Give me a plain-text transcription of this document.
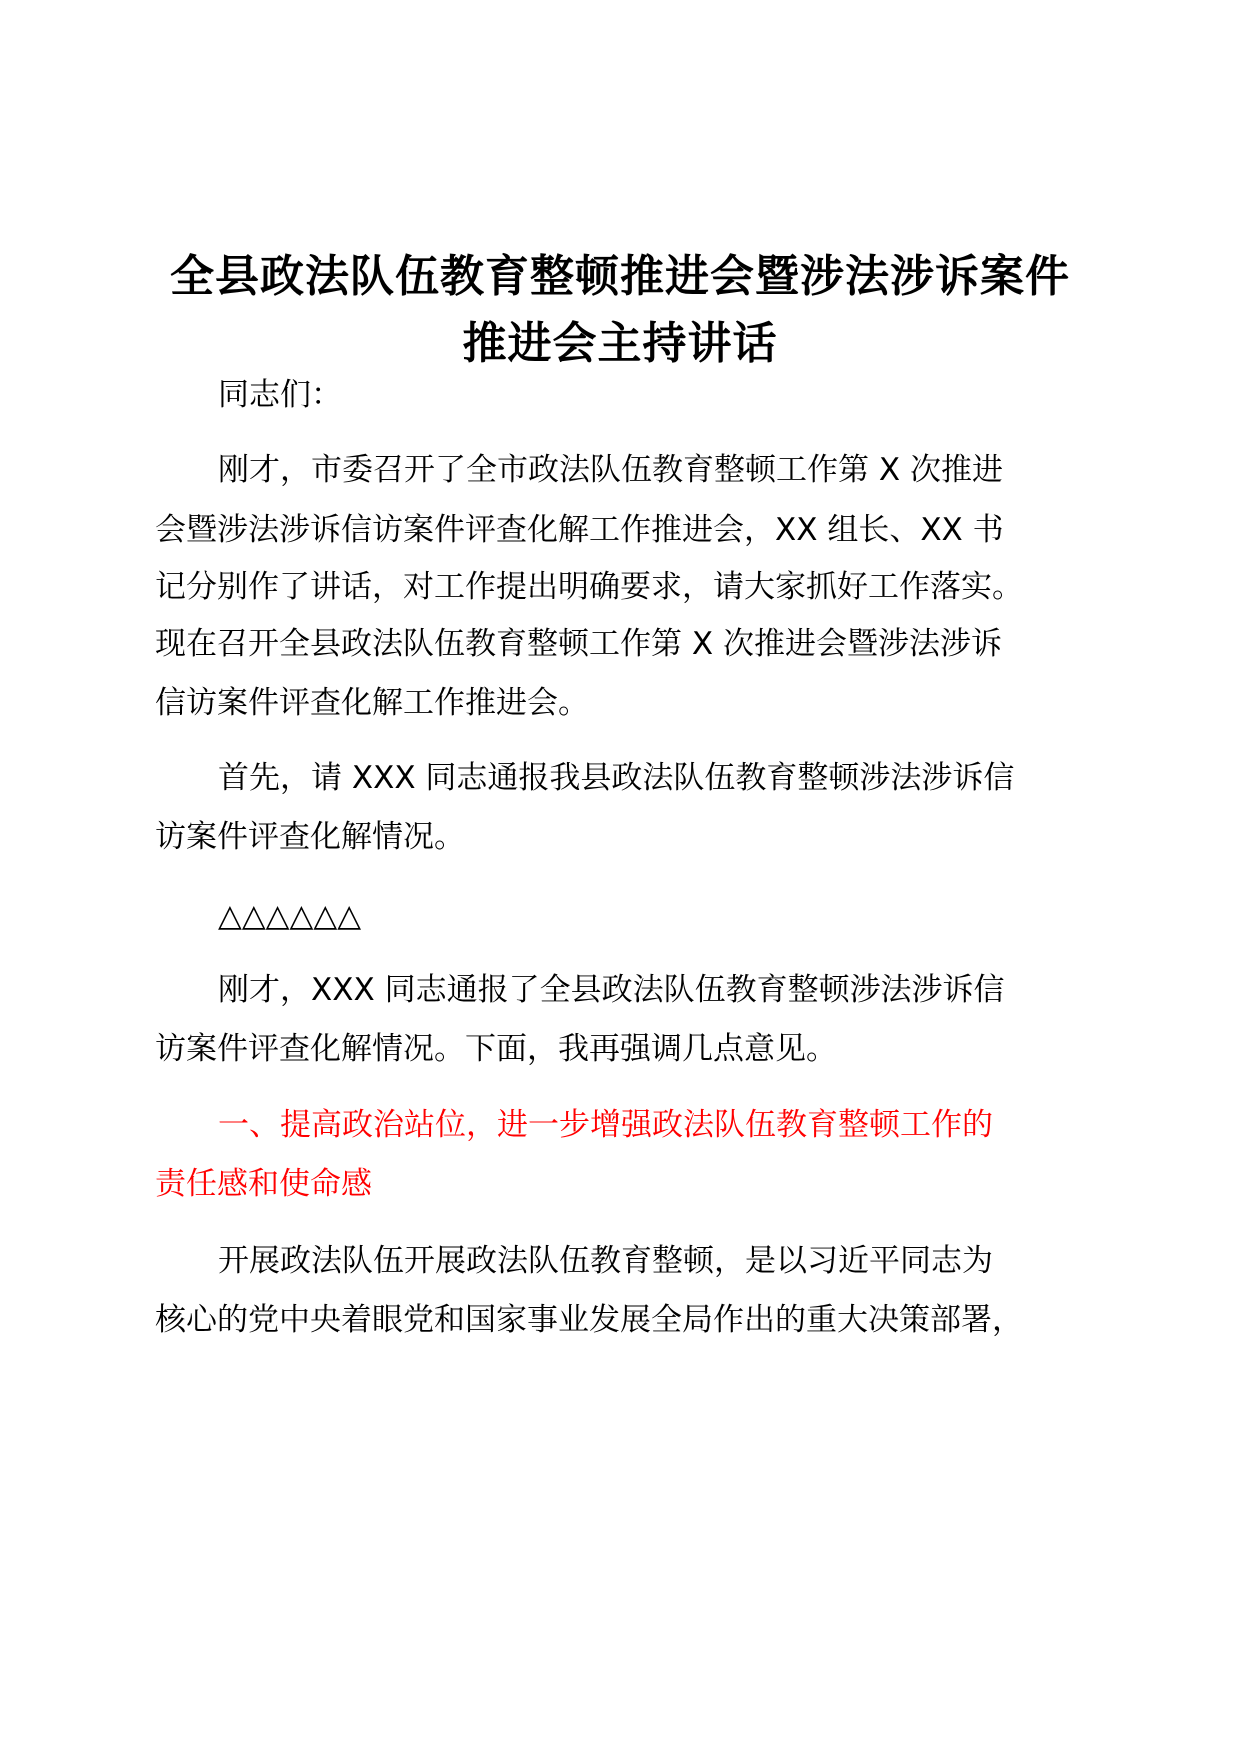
全县政法队伍教育整顿推进会暨涉法涉诉案件
推进会主持讲话
同志们：
刚才，市委召开了全市政法队伍教育整顿工作第 X 次推进
会暨涉法涉诉信访案件评查化解工作推进会，XX 组长、XX 书
记分别作了讲话，对工作提出明确要求，请大家抓好工作落实。
现在召开全县政法队伍教育整顿工作第 X 次推进会暨涉法涉诉
信访案件评查化解工作推进会。
首先，请 XXX 同志通报我县政法队伍教育整顿涉法涉诉信
访案件评查化解情况。
△△△△△△
刚才，XXX 同志通报了全县政法队伍教育整顿涉法涉诉信
访案件评查化解情况。下面，我再强调几点意见。
一、提高政治站位，进一步增强政法队伍教育整顿工作的
责任感和使命感
开展政法队伍开展政法队伍教育整顿，是以习近平同志为
核心的党中央着眼党和国家事业发展全局作出的重大决策部署，
